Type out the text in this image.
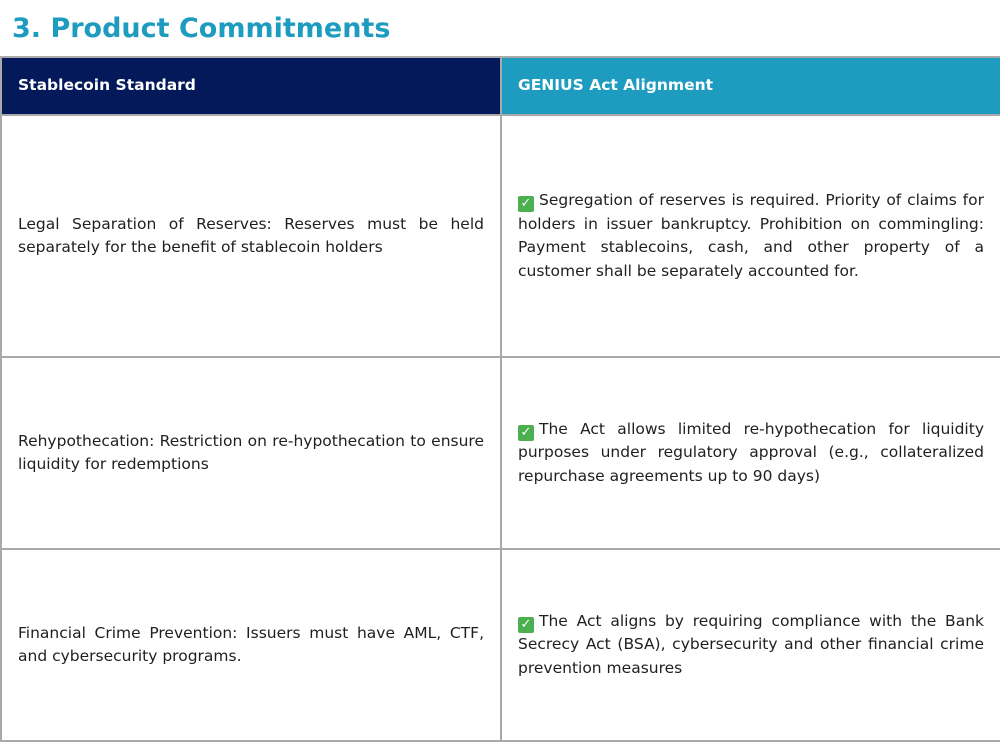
3. Product Commitments
Stablecoin Standard	GENIUS Act Alignment
Legal Separation of Reserves: Reserves must be held separately for the benefit of stablecoin holders	✓ Segregation of reserves is required. Priority of claims for holders in issuer bankruptcy. Prohibition on commingling: Payment stablecoins, cash, and other property of a customer shall be separately accounted for.
Rehypothecation: Restriction on re-hypothecation to ensure liquidity for redemptions	✓ The Act allows limited re-hypothecation for liquidity purposes under regulatory approval (e.g., collateralized repurchase agreements up to 90 days)
Financial Crime Prevention: Issuers must have AML, CTF, and cybersecurity programs.	✓ The Act aligns by requiring compliance with the Bank Secrecy Act (BSA), cybersecurity and other financial crime prevention measures
